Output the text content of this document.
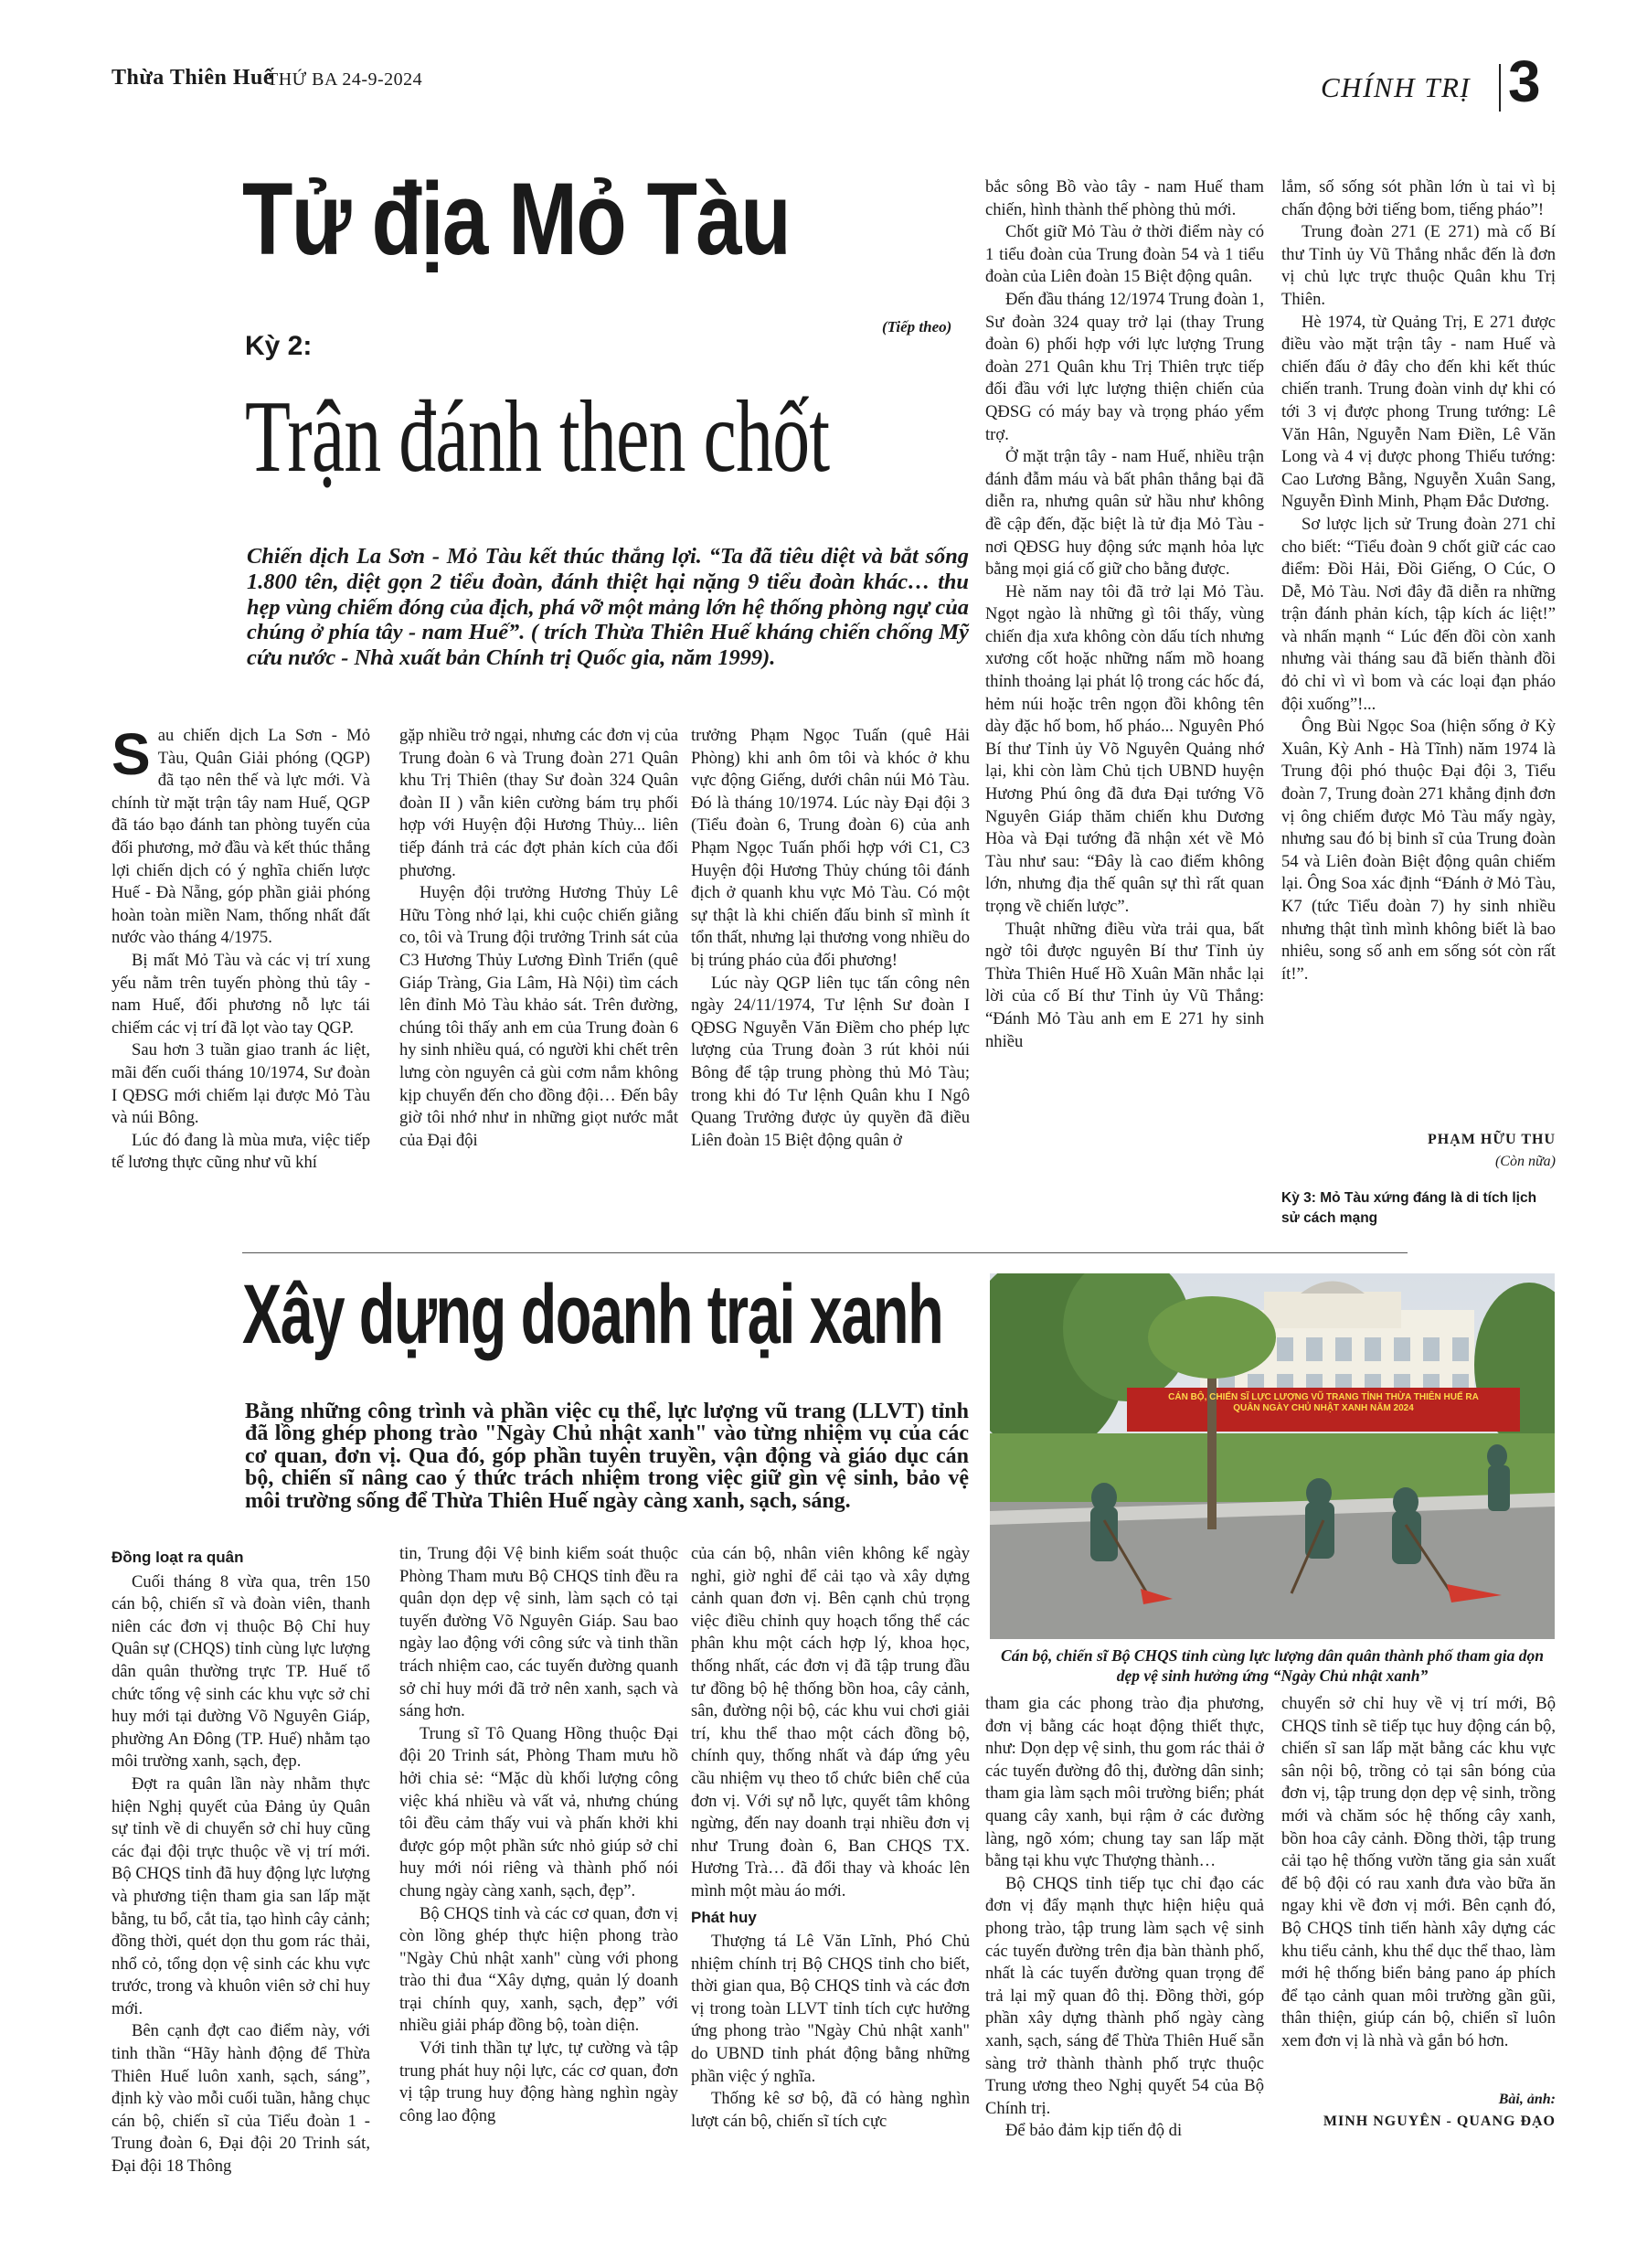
Thừa Thiên Huế
THỨ BA 24-9-2024	CHÍNH TRỊ 3
Tử địa Mỏ Tàu
(Tiếp theo)
Kỳ 2:
Trận đánh then chốt
Chiến dịch La Sơn - Mỏ Tàu kết thúc thắng lợi. “Ta đã tiêu diệt và bắt sống 1.800 tên, diệt gọn 2 tiểu đoàn, đánh thiệt hại nặng 9 tiểu đoàn khác… thu hẹp vùng chiếm đóng của địch, phá vỡ một mảng lớn hệ thống phòng ngự của chúng ở phía tây - nam Huế”. ( trích Thừa Thiên Huế kháng chiến chống Mỹ cứu nước - Nhà xuất bản Chính trị Quốc gia, năm 1999).

Sau chiến dịch La Sơn - Mỏ Tàu, Quân Giải phóng (QGP) đã tạo nên thế và lực mới. Và chính từ mặt trận tây nam Huế, QGP đã táo bạo đánh tan phòng tuyến của đối phương, mở đầu và kết thúc thắng lợi chiến dịch có ý nghĩa chiến lược Huế - Đà Nẵng, góp phần giải phóng hoàn toàn miền Nam, thống nhất đất nước vào tháng 4/1975.

Bị mất Mỏ Tàu và các vị trí xung yếu nằm trên tuyến phòng thủ tây - nam Huế, đối phương nỗ lực tái chiếm các vị trí đã lọt vào tay QGP.

Sau hơn 3 tuần giao tranh ác liệt, mãi đến cuối tháng 10/1974, Sư đoàn I QĐSG mới chiếm lại được Mỏ Tàu và núi Bông.

Lúc đó đang là mùa mưa, việc tiếp tế lương thực cũng như vũ khí

gặp nhiều trở ngại, nhưng các đơn vị của Trung đoàn 6 và Trung đoàn 271 Quân khu Trị Thiên (thay Sư đoàn 324 Quân đoàn II ) vẫn kiên cường bám trụ phối hợp với Huyện đội Hương Thủy... liên tiếp đánh trả các đợt phản kích của đối phương.

Huyện đội trưởng Hương Thủy Lê Hữu Tòng nhớ lại, khi cuộc chiến giằng co, tôi và Trung đội trưởng Trinh sát của C3 Hương Thủy Lương Đình Triển (quê Giáp Tràng, Gia Lâm, Hà Nội) tìm cách lên đỉnh Mỏ Tàu khảo sát. Trên đường, chúng tôi thấy anh em của Trung đoàn 6 hy sinh nhiều quá, có người khi chết trên lưng còn nguyên cả gùi cơm nắm không kịp chuyển đến cho đồng đội… Đến bây giờ tôi nhớ như in những giọt nước mắt của Đại đội

trưởng Phạm Ngọc Tuấn (quê Hải Phòng) khi anh ôm tôi và khóc ở khu vực động Giếng, dưới chân núi Mỏ Tàu. Đó là tháng 10/1974. Lúc này Đại đội 3 (Tiểu đoàn 6, Trung đoàn 6) của anh Phạm Ngọc Tuấn phối hợp với C1, C3 Huyện đội Hương Thủy chúng tôi đánh địch ở quanh khu vực Mỏ Tàu. Có một sự thật là khi chiến đấu binh sĩ mình ít tổn thất, nhưng lại thương vong nhiều do bị trúng pháo của đối phương!

Lúc này QGP liên tục tấn công nên ngày 24/11/1974, Tư lệnh Sư đoàn I QĐSG Nguyễn Văn Điềm cho phép lực lượng của Trung đoàn 3 rút khỏi núi Bông để tập trung phòng thủ Mỏ Tàu; trong khi đó Tư lệnh Quân khu I Ngô Quang Trưởng được ủy quyền đã điều Liên đoàn 15 Biệt động quân ở

bắc sông Bồ vào tây - nam Huế tham chiến, hình thành thế phòng thủ mới.

Chốt giữ Mỏ Tàu ở thời điểm này có 1 tiểu đoàn của Trung đoàn 54 và 1 tiểu đoàn của Liên đoàn 15 Biệt động quân.

Đến đầu tháng 12/1974 Trung đoàn 1, Sư đoàn 324 quay trở lại (thay Trung đoàn 6) phối hợp với lực lượng Trung đoàn 271 Quân khu Trị Thiên trực tiếp đối đầu với lực lượng thiện chiến của QĐSG có máy bay và trọng pháo yểm trợ.

Ở mặt trận tây - nam Huế, nhiều trận đánh đẫm máu và bất phân thắng bại đã diễn ra, nhưng quân sử hầu như không đề cập đến, đặc biệt là tử địa Mỏ Tàu - nơi QĐSG huy động sức mạnh hỏa lực bằng mọi giá cố giữ cho bằng được.

Hè năm nay tôi đã trở lại Mỏ Tàu. Ngọt ngào là những gì tôi thấy, vùng chiến địa xưa không còn dấu tích nhưng xương cốt hoặc những nấm mồ hoang thỉnh thoảng lại phát lộ trong các hốc đá, hẻm núi hoặc trên ngọn đồi không tên dày đặc hố bom, hố pháo... Nguyên Phó Bí thư Tỉnh ủy Võ Nguyên Quảng nhớ lại, khi còn làm Chủ tịch UBND huyện Hương Phú ông đã đưa Đại tướng Võ Nguyên Giáp thăm chiến khu Dương Hòa và Đại tướng đã nhận xét về Mỏ Tàu như sau: “Đây là cao điểm không lớn, nhưng địa thế quân sự thì rất quan trọng về chiến lược”.

Thuật những điều vừa trải qua, bất ngờ tôi được nguyên Bí thư Tỉnh ủy Thừa Thiên Huế Hồ Xuân Mãn nhắc lại lời của cố Bí thư Tỉnh ủy Vũ Thắng: “Đánh Mỏ Tàu anh em E 271 hy sinh nhiều

lắm, số sống sót phần lớn ù tai vì bị chấn động bởi tiếng bom, tiếng pháo”!

Trung đoàn 271 (E 271) mà cố Bí thư Tỉnh ủy Vũ Thắng nhắc đến là đơn vị chủ lực trực thuộc Quân khu Trị Thiên.

Hè 1974, từ Quảng Trị, E 271 được điều vào mặt trận tây - nam Huế và chiến đấu ở đây cho đến khi kết thúc chiến tranh. Trung đoàn vinh dự khi có tới 3 vị được phong Trung tướng: Lê Văn Hân, Nguyễn Nam Điền, Lê Văn Long và 4 vị được phong Thiếu tướng: Cao Lương Bằng, Nguyễn Xuân Sang, Nguyễn Đình Minh, Phạm Đắc Dương.

Sơ lược lịch sử Trung đoàn 271 chỉ cho biết: “Tiểu đoàn 9 chốt giữ các cao điểm: Đồi Hải, Đồi Giếng, O Cúc, O Dễ, Mỏ Tàu. Nơi đây đã diễn ra những trận đánh phản kích, tập kích ác liệt!” và nhấn mạnh “ Lúc đến đồi còn xanh nhưng vài tháng sau đã biến thành đồi đỏ chỉ vì vì bom và các loại đạn pháo đội xuống”!...

Ông Bùi Ngọc Soa (hiện sống ở Kỳ Xuân, Kỳ Anh - Hà Tĩnh) năm 1974 là Trung đội phó thuộc Đại đội 3, Tiểu đoàn 7, Trung đoàn 271 khẳng định đơn vị ông chiếm được Mỏ Tàu mấy ngày, nhưng sau đó bị binh sĩ của Trung đoàn 54 và Liên đoàn Biệt động quân chiếm lại. Ông Soa xác định “Đánh ở Mỏ Tàu, K7 (tức Tiểu đoàn 7) hy sinh nhiều nhưng thật tình mình không biết là bao nhiêu, song số anh em sống sót còn rất ít!”.

PHẠM HỮU THU
(Còn nữa)
Kỳ 3: Mỏ Tàu xứng đáng là di tích lịch sử cách mạng
Xây dựng doanh trại xanh
Bằng những công trình và phần việc cụ thể, lực lượng vũ trang (LLVT) tỉnh đã lồng ghép phong trào "Ngày Chủ nhật xanh" vào từng nhiệm vụ của các cơ quan, đơn vị. Qua đó, góp phần tuyên truyền, vận động và giáo dục cán bộ, chiến sĩ nâng cao ý thức trách nhiệm trong việc giữ gìn vệ sinh, bảo vệ môi trường sống để Thừa Thiên Huế ngày càng xanh, sạch, sáng.
CÁN BỘ, CHIẾN SĨ LỰC LƯỢNG VŨ TRANG TỈNH THỪA THIÊN HUẾ RA QUÂN NGÀY CHỦ NHẬT XANH NĂM 2024
Cán bộ, chiến sĩ Bộ CHQS tỉnh cùng lực lượng dân quân thành phố tham gia dọn dẹp vệ sinh hưởng ứng “Ngày Chủ nhật xanh”

Đồng loạt ra quân

Cuối tháng 8 vừa qua, trên 150 cán bộ, chiến sĩ và đoàn viên, thanh niên các đơn vị thuộc Bộ Chỉ huy Quân sự (CHQS) tỉnh cùng lực lượng dân quân thường trực TP. Huế tổ chức tổng vệ sinh các khu vực sở chỉ huy mới tại đường Võ Nguyên Giáp, phường An Đông (TP. Huế) nhằm tạo môi trường xanh, sạch, đẹp.

Đợt ra quân lần này nhằm thực hiện Nghị quyết của Đảng ủy Quân sự tỉnh về di chuyển sở chỉ huy cũng các đại đội trực thuộc về vị trí mới. Bộ CHQS tỉnh đã huy động lực lượng và phương tiện tham gia san lấp mặt bằng, tu bổ, cắt tỉa, tạo hình cây cảnh; đồng thời, quét dọn thu gom rác thải, nhổ cỏ, tổng dọn vệ sinh các khu vực trước, trong và khuôn viên sở chỉ huy mới.

Bên cạnh đợt cao điểm này, với tinh thần “Hãy hành động để Thừa Thiên Huế luôn xanh, sạch, sáng”, định kỳ vào mỗi cuối tuần, hằng chục cán bộ, chiến sĩ của Tiểu đoàn 1 - Trung đoàn 6, Đại đội 20 Trinh sát, Đại đội 18 Thông

tin, Trung đội Vệ binh kiểm soát thuộc Phòng Tham mưu Bộ CHQS tỉnh đều ra quân dọn dẹp vệ sinh, làm sạch cỏ tại tuyến đường Võ Nguyên Giáp. Sau bao ngày lao động với công sức và tinh thần trách nhiệm cao, các tuyến đường quanh sở chỉ huy mới đã trở nên xanh, sạch và sáng hơn.

Trung sĩ Tô Quang Hồng thuộc Đại đội 20 Trinh sát, Phòng Tham mưu hồ hởi chia sẻ: “Mặc dù khối lượng công việc khá nhiều và vất vả, nhưng chúng tôi đều cảm thấy vui và phấn khởi khi được góp một phần sức nhỏ giúp sở chỉ huy mới nói riêng và thành phố nói chung ngày càng xanh, sạch, đẹp”.

Bộ CHQS tỉnh và các cơ quan, đơn vị còn lồng ghép thực hiện phong trào "Ngày Chủ nhật xanh" cùng với phong trào thi đua “Xây dựng, quản lý doanh trại chính quy, xanh, sạch, đẹp” với nhiều giải pháp đồng bộ, toàn diện.

Với tinh thần tự lực, tự cường và tập trung phát huy nội lực, các cơ quan, đơn vị tập trung huy động hàng nghìn ngày công lao động

của cán bộ, nhân viên không kể ngày nghỉ, giờ nghỉ để cải tạo và xây dựng cảnh quan đơn vị. Bên cạnh chủ trọng việc điều chỉnh quy hoạch tổng thể các phân khu một cách hợp lý, khoa học, thống nhất, các đơn vị đã tập trung đầu tư đồng bộ hệ thống bồn hoa, cây cảnh, sân, đường nội bộ, các khu vui chơi giải trí, khu thể thao một cách đồng bộ, chính quy, thống nhất và đáp ứng yêu cầu nhiệm vụ theo tổ chức biên chế của đơn vị. Với sự nỗ lực, quyết tâm không ngừng, đến nay doanh trại nhiều đơn vị như Trung đoàn 6, Ban CHQS TX. Hương Trà… đã đổi thay và khoác lên mình một màu áo mới.

Phát huy

Thượng tá Lê Văn Lĩnh, Phó Chủ nhiệm chính trị Bộ CHQS tỉnh cho biết, thời gian qua, Bộ CHQS tỉnh và các đơn vị trong toàn LLVT tỉnh tích cực hưởng ứng phong trào "Ngày Chủ nhật xanh" do UBND tỉnh phát động bằng những phần việc ý nghĩa.

Thống kê sơ bộ, đã có hàng nghìn lượt cán bộ, chiến sĩ tích cực

tham gia các phong trào địa phương, đơn vị bằng các hoạt động thiết thực, như: Dọn dẹp vệ sinh, thu gom rác thải ở các tuyến đường đô thị, đường dân sinh; tham gia làm sạch môi trường biển; phát quang cây xanh, bụi rậm ở các đường làng, ngõ xóm; chung tay san lấp mặt bằng tại khu vực Thượng thành…

Bộ CHQS tỉnh tiếp tục chỉ đạo các đơn vị đẩy mạnh thực hiện hiệu quả phong trào, tập trung làm sạch vệ sinh các tuyến đường trên địa bàn thành phố, nhất là các tuyến đường quan trọng để trả lại mỹ quan đô thị. Đồng thời, góp phần xây dựng thành phố ngày càng xanh, sạch, sáng để Thừa Thiên Huế sẵn sàng trở thành thành phố trực thuộc Trung ương theo Nghị quyết 54 của Bộ Chính trị.

Để bảo đảm kịp tiến độ di

chuyển sở chỉ huy về vị trí mới, Bộ CHQS tỉnh sẽ tiếp tục huy động cán bộ, chiến sĩ san lấp mặt bằng các khu vực sân nội bộ, trồng cỏ tại sân bóng của đơn vị, tập trung dọn dẹp vệ sinh, trồng mới và chăm sóc hệ thống cây xanh, bồn hoa cây cảnh. Đồng thời, tập trung cải tạo hệ thống vườn tăng gia sản xuất để bộ đội có rau xanh đưa vào bữa ăn ngay khi về đơn vị mới. Bên cạnh đó, Bộ CHQS tỉnh tiến hành xây dựng các khu tiểu cảnh, khu thể dục thể thao, làm mới hệ thống biển bảng pano áp phích để tạo cảnh quan môi trường gần gũi, thân thiện, giúp cán bộ, chiến sĩ luôn xem đơn vị là nhà và gắn bó hơn.

Bài, ảnh:
MINH NGUYÊN - QUANG ĐẠO
